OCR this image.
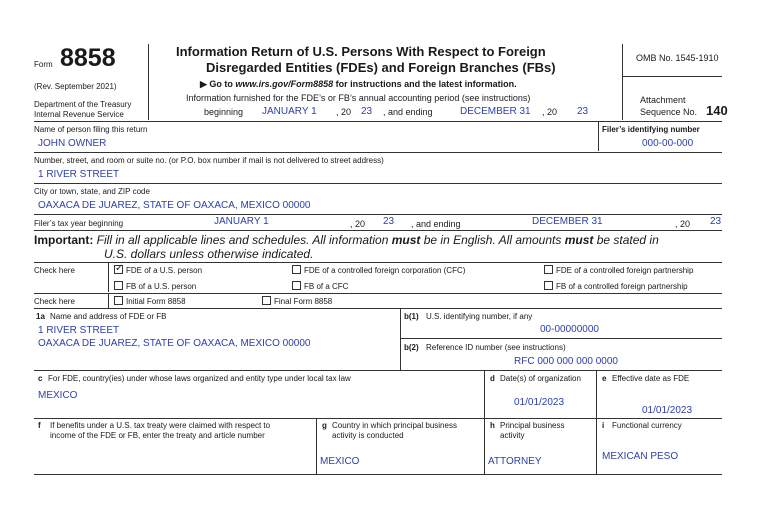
Form 8858
(Rev. September 2021)
Department of the Treasury
Internal Revenue Service
Information Return of U.S. Persons With Respect to Foreign
Disregarded Entities (FDEs) and Foreign Branches (FBs)
▶ Go to www.irs.gov/Form8858 for instructions and the latest information.
Information furnished for the FDE’s or FB’s annual accounting period (see instructions)
beginning JANUARY 1 , 20 23 , and ending	DECEMBER 31 , 20 23
OMB No. 1545-1910
Attachment
Sequence No. 140
Name of person filing this return
JOHN OWNER
Filer’s identifying number
000-00-000
Number, street, and room or suite no. (or P.O. box number if mail is not delivered to street address)
1 RIVER STREET
City or town, state, and ZIP code
OAXACA DE JUAREZ, STATE OF OAXACA, MEXICO 00000
Filer’s tax year beginning	JANUARY 1	, 20 23 , and ending	DECEMBER 31	, 20 23
Important: Fill in all applicable lines and schedules. All information must be in English. All amounts must be stated in
U.S. dollars unless otherwise indicated.
Check here
✓	FDE of a U.S. person
FB of a U.S. person
FDE of a controlled foreign corporation (CFC)
FB of a CFC
FDE of a controlled foreign partnership
FB of a controlled foreign partnership
Check here	Initial Form 8858	Final Form 8858
1a Name and address of FDE or FB
1 RIVER STREET
OAXACA DE JUAREZ, STATE OF OAXACA, MEXICO 00000
b(1) U.S. identifying number, if any
00-00000000
b(2) Reference ID number (see instructions)
RFC 000 000 000 0000
c For FDE, country(ies) under whose laws organized and entity type under local tax law
MEXICO
d Date(s) of organization
01/01/2023
e Effective date as FDE
01/01/2023
f If benefits under a U.S. tax treaty were claimed with respect to
income of the FDE or FB, enter the treaty and article number
g Country in which principal business
activity is conducted
MEXICO
h Principal business
activity
ATTORNEY
i Functional currency
MEXICAN PESO
